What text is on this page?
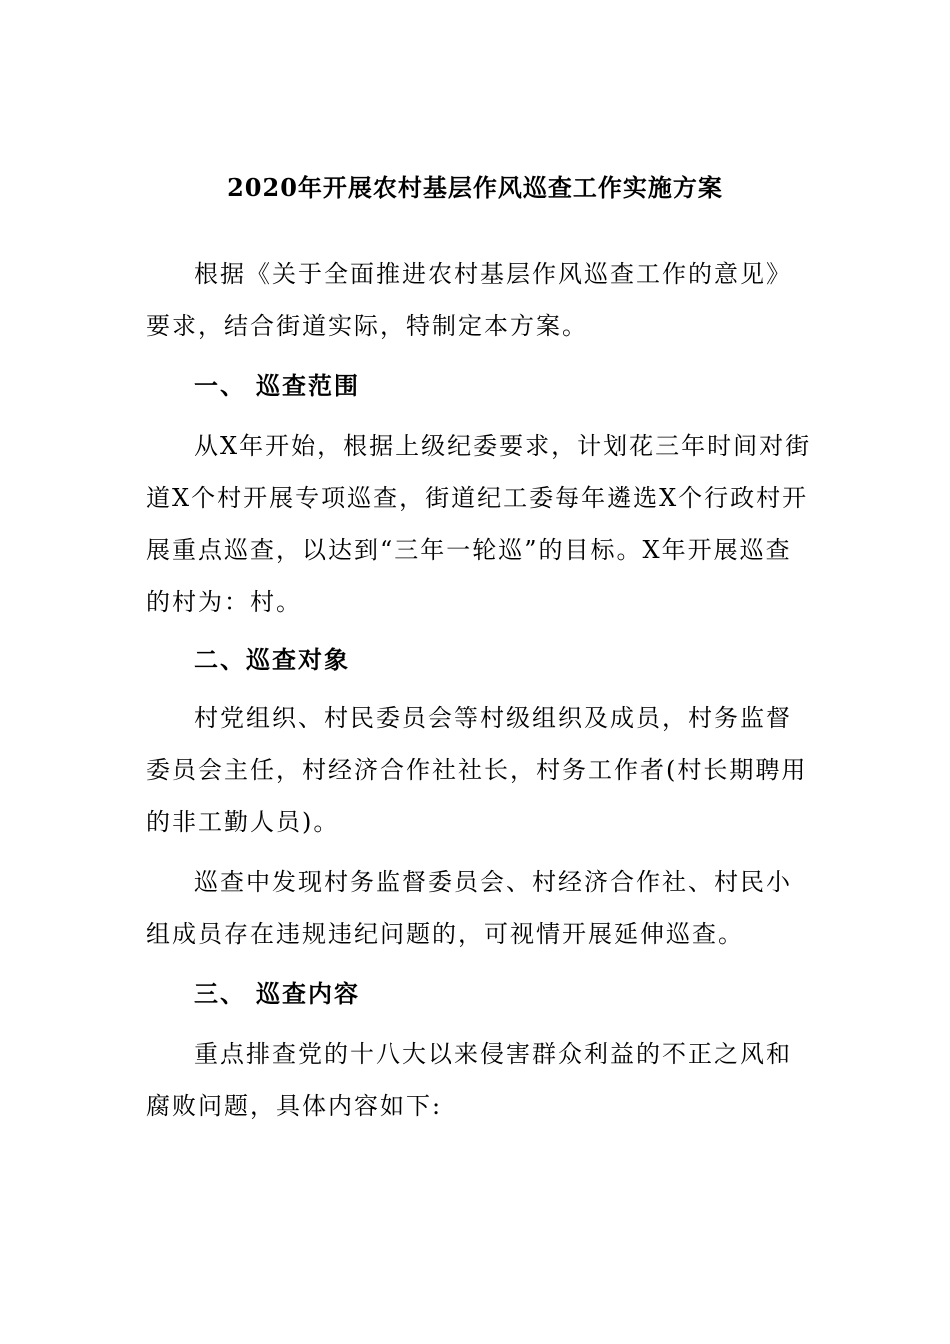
2020年开展农村基层作风巡查工作实施方案

根据《关于全面推进农村基层作风巡查工作的意见》
要求，结合街道实际，特制定本方案。

一、 巡查范围

从X年开始，根据上级纪委要求，计划花三年时间对街
道X个村开展专项巡查，街道纪工委每年遴选X个行政村开
展重点巡查，以达到“三年一轮巡”的目标。X年开展巡查
的村为：村。

二、巡查对象

村党组织、村民委员会等村级组织及成员，村务监督
委员会主任，村经济合作社社长，村务工作者(村长期聘用
的非工勤人员)。

巡查中发现村务监督委员会、村经济合作社、村民小
组成员存在违规违纪问题的，可视情开展延伸巡查。

三、 巡查内容

重点排查党的十八大以来侵害群众利益的不正之风和
腐败问题，具体内容如下:
